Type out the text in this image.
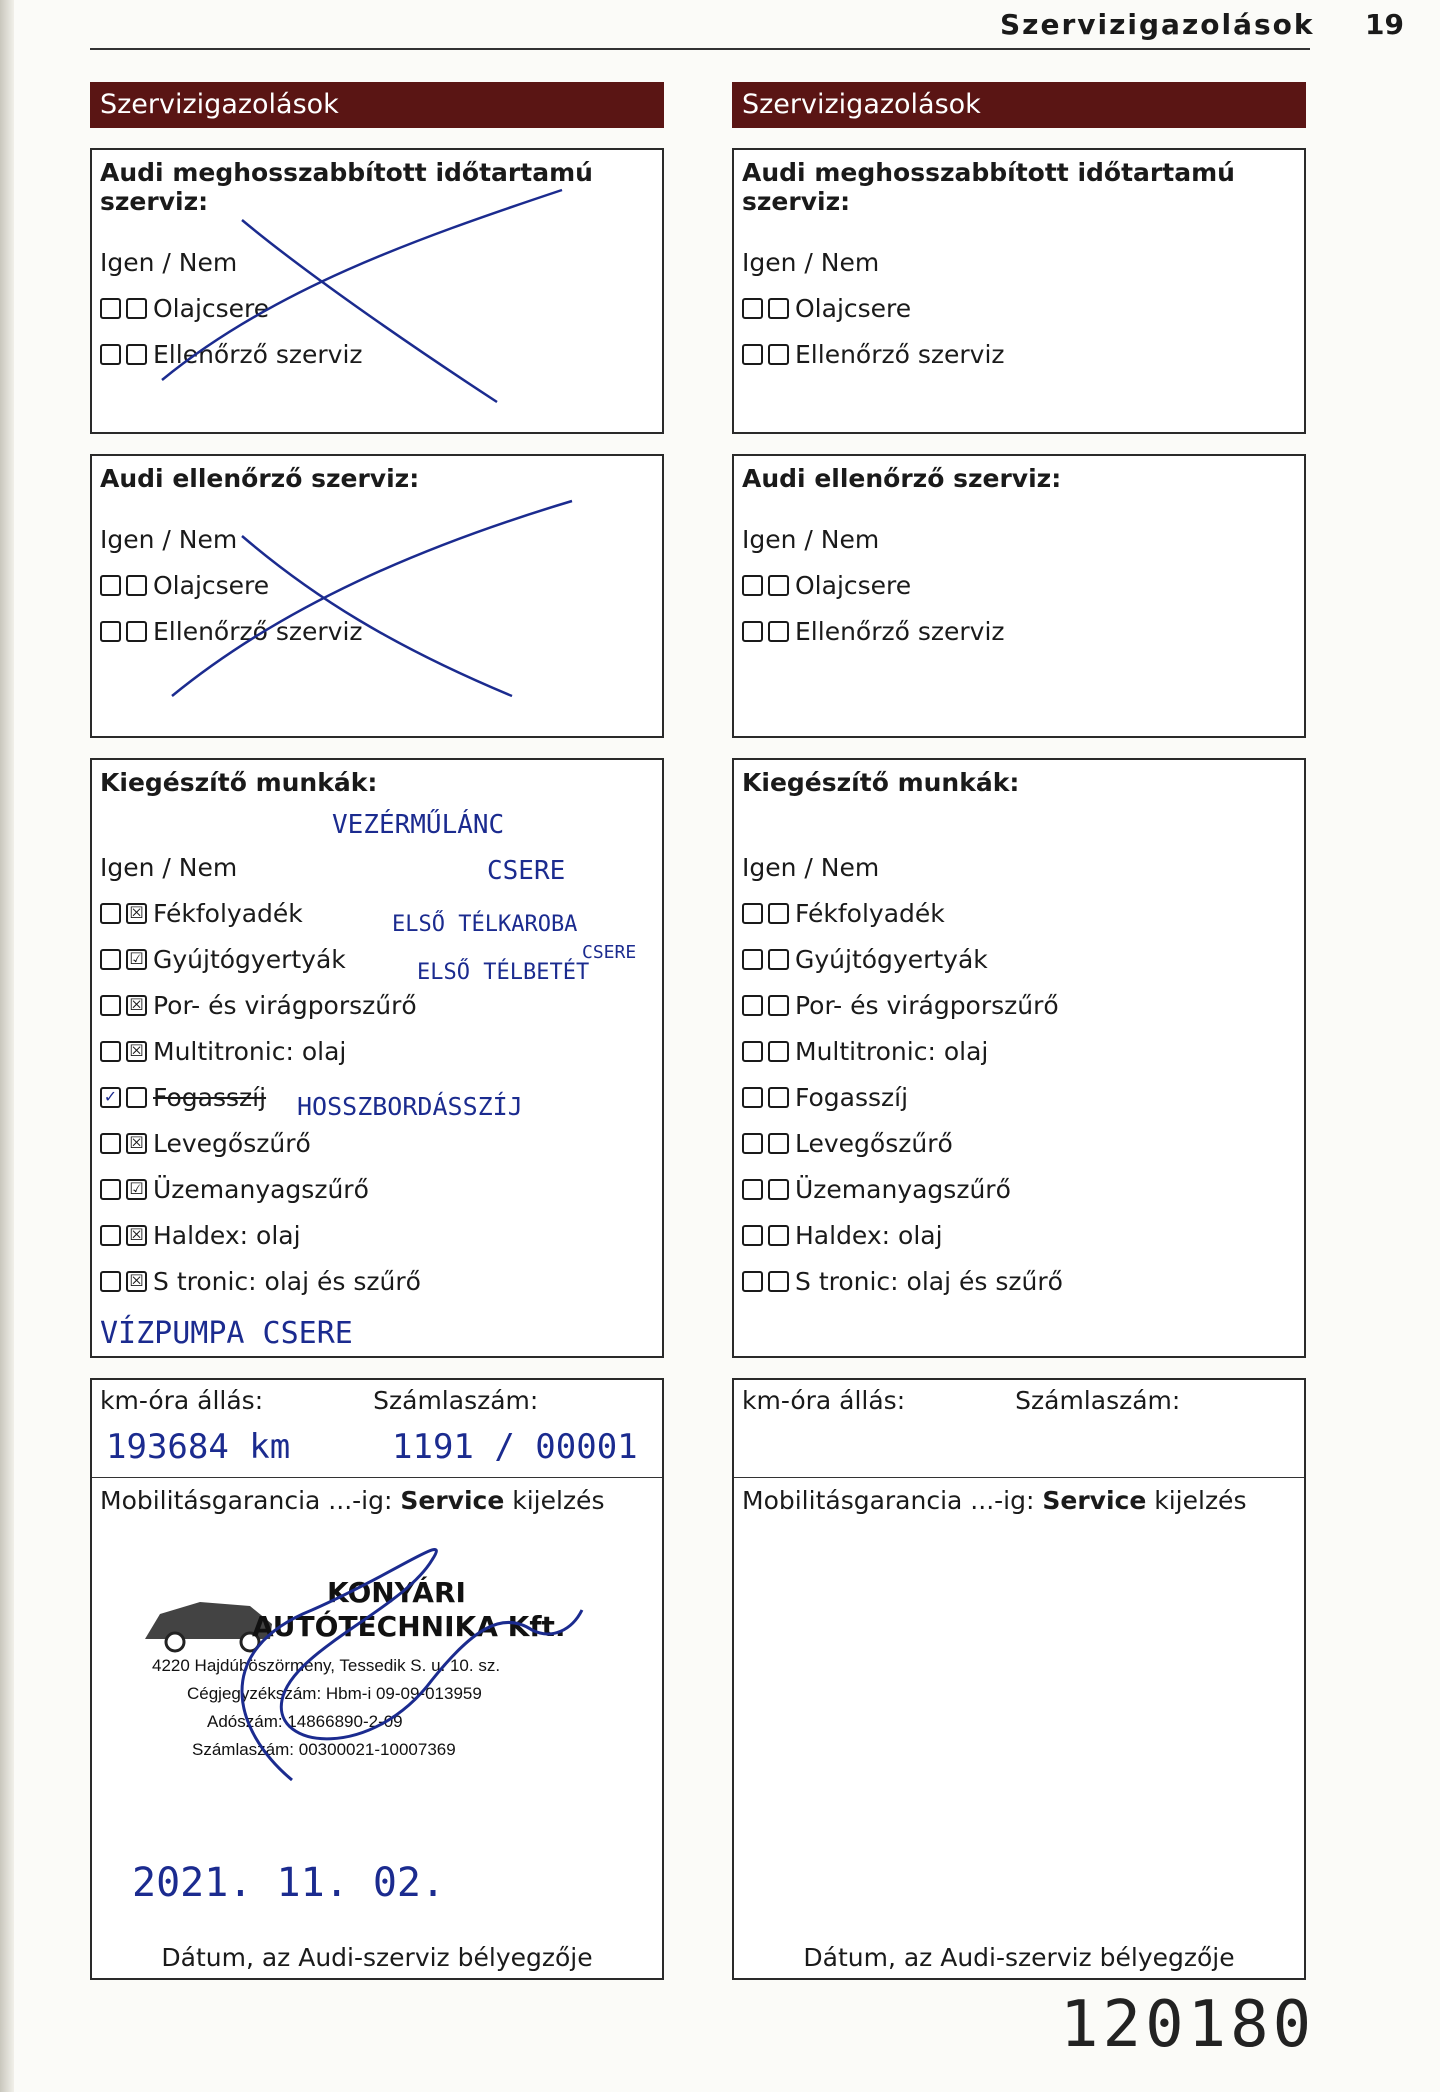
Szervizigazolások 19
Szervizigazolások
Audi meghosszabbított időtartamú szerviz:
Igen / Nem
Olajcsere
Ellenőrző szerviz
Audi ellenőrző szerviz:
Igen / Nem
Olajcsere
Ellenőrző szerviz
Kiegészítő munkák:
Igen / Nem
☒ Fékfolyadék
☑ Gyújtógyertyák
☒ Por- és virágporszűrő
☒ Multitronic: olaj
✓ Fogasszíj
☒ Levegőszűrő
☑ Üzemanyagszűrő
☒ Haldex: olaj
☒ S tronic: olaj és szűrő
VEZÉRMŰLÁNC
CSERE
ELSŐ TÉLKAROBA
ELSŐ TÉLBETÉT
CSERE
HOSSZBORDÁSSZÍJ
VÍZPUMPA CSERE
km-óra állás:	Számlaszám:
193684 km	1191 / 00001
Mobilitásgarancia ...-ig: Service kijelzés
KONYÁRI
AUTÓTECHNIKA Kft.
4220 Hajdúböszörmény, Tessedik S. u. 10. sz.
Cégjegyzékszám: Hbm-i 09-09-013959
Adószám: 14866890-2-09
Számlaszám: 00300021-10007369
2021. 11. 02.
Dátum, az Audi-szerviz bélyegzője
Szervizigazolások
Audi meghosszabbított időtartamú szerviz:
Igen / Nem
Olajcsere
Ellenőrző szerviz
Audi ellenőrző szerviz:
Igen / Nem
Olajcsere
Ellenőrző szerviz
Kiegészítő munkák:
Igen / Nem
Fékfolyadék
Gyújtógyertyák
Por- és virágporszűrő
Multitronic: olaj
Fogasszíj
Levegőszűrő
Üzemanyagszűrő
Haldex: olaj
S tronic: olaj és szűrő
km-óra állás:	Számlaszám:
Mobilitásgarancia ...-ig: Service kijelzés
Dátum, az Audi-szerviz bélyegzője
120180
